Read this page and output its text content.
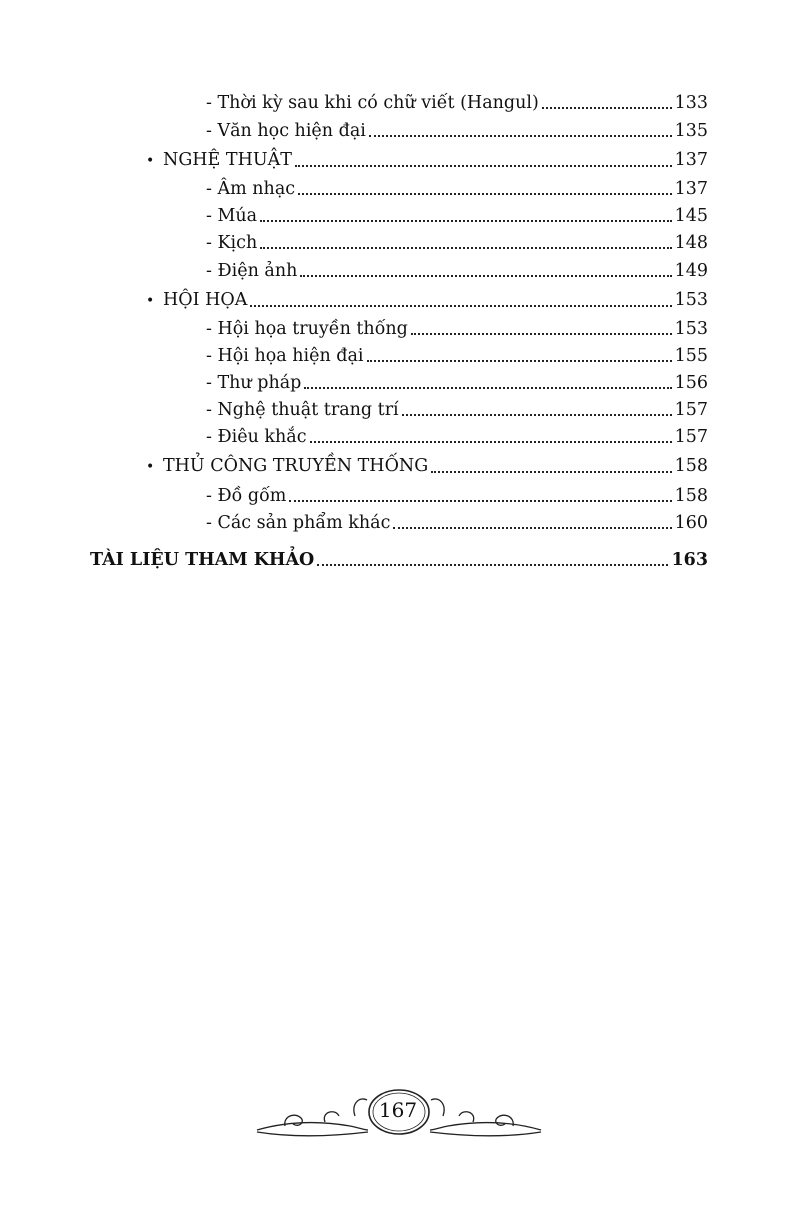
- Thời kỳ sau khi có chữ viết (Hangul)	133
- Văn học hiện đại	135
• NGHỆ THUẬT	137
- Âm nhạc	137
- Múa	145
- Kịch	148
- Điện ảnh	149
• HỘI HỌA	153
- Hội họa truyền thống	153
- Hội họa hiện đại	155
- Thư pháp	156
- Nghệ thuật trang trí	157
- Điêu khắc	157
• THỦ CÔNG TRUYỀN THỐNG	158
- Đồ gốm	158
- Các sản phẩm khác	160
TÀI LIỆU THAM KHẢO	163
167
